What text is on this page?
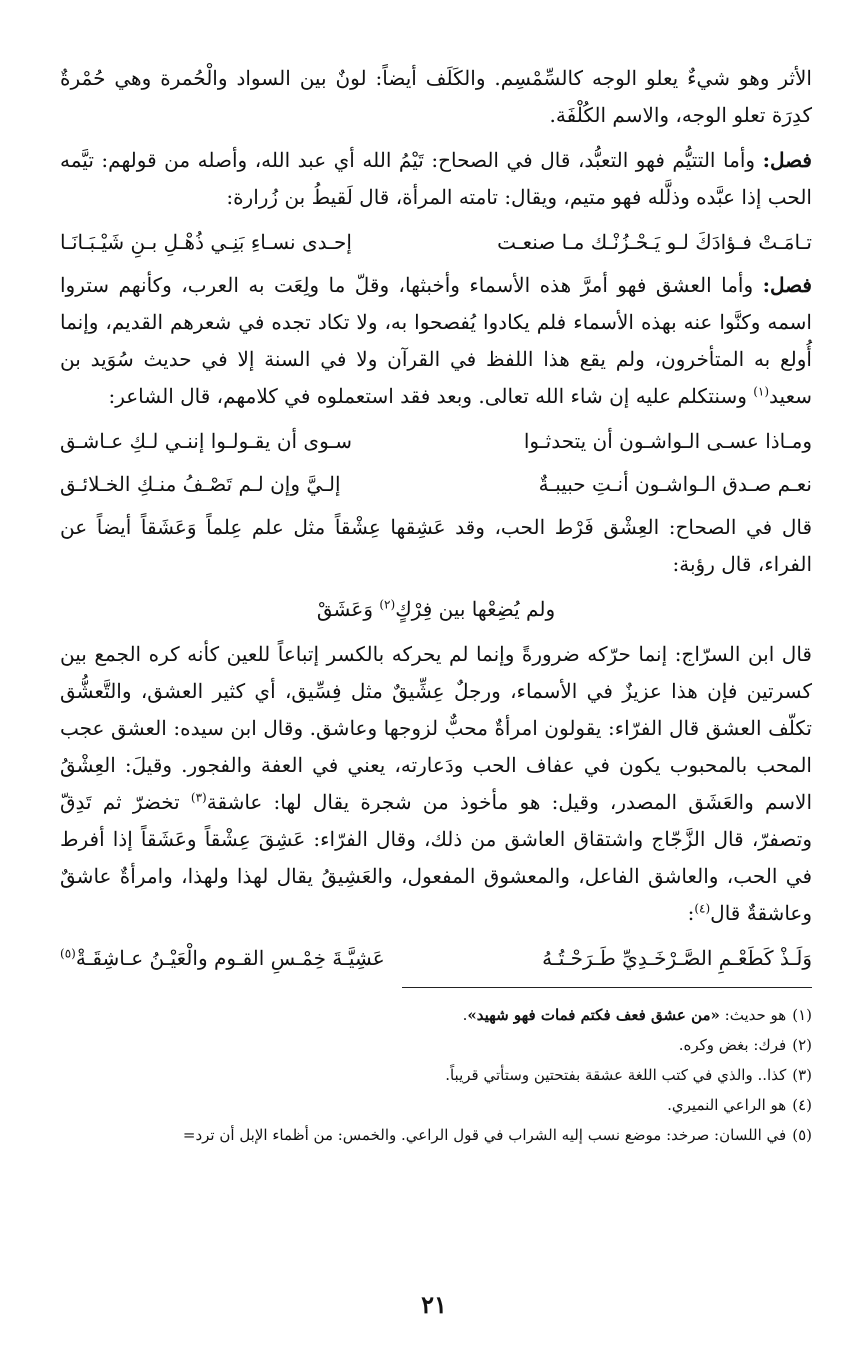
الأثر وهو شيءٌ يعلو الوجه كالسِّمْسِم. والكَلَف أيضاً: لونٌ بين السواد والْحُمرة وهي حُمْرةٌ كدِرَة تعلو الوجه، والاسم الكُلْفَة.

فصل: وأما التتيُّم فهو التعبُّد، قال في الصحاح: تَيْمُ الله أي عبد الله، وأصله من قولهم: تيَّمه الحب إذا عبَّده وذلَّله فهو متيم، ويقال: تامته المرأة، قال لَقيطُ بن زُرارة:

تـامَـتْ فـؤادَكَ لـو يَـحْـزُنْـك مـا صنعـت
إحـدى نسـاءِ بَنِـي ذُهْـلِ بـنِ شَيْـبَـانَـا

فصل: وأما العشق فهو أمرَّ هذه الأسماء وأخبثها، وقلّ ما ولِعَت به العرب، وكأنهم ستروا اسمه وكنَّوا عنه بهذه الأسماء فلم يكادوا يُفصحوا به، ولا تكاد تجده في شعرهم القديم، وإنما أُولع به المتأخرون، ولم يقع هذا اللفظ في القرآن ولا في السنة إلا في حديث سُوَيد بن سعيد$^{(١)}$ وسنتكلم عليه إن شاء الله تعالى. وبعد فقد استعملوه في كلامهم، قال الشاعر:

ومـاذا عسـى الـواشـون أن يتحدثـوا
سـوى أن يقـولـوا إننـي لـكِ عـاشـق
نعـم صـدق الـواشـون أنـتِ حبيبـةٌ
إلـيَّ وإن لـم تَصْـفُ منـكِ الخـلائـق

قال في الصحاح: العِشْق فَرْط الحب، وقد عَشِقها عِشْقاً مثل علم عِلماً وَعَشَقاً أيضاً عن الفراء، قال رؤبة:

ولم يُضِعْها بين فِرْكٍ$^{(٢)}$ وَعَشَقْ

قال ابن السرّاج: إنما حرّكه ضرورةً وإنما لم يحركه بالكسر إتباعاً للعين كأنه كره الجمع بين كسرتين فإن هذا عزيزٌ في الأسماء، ورجلٌ عِشِّيقٌ مثل فِسِّيق، أي كثير العشق، والتَّعشُّق تكلّف العشق قال الفرّاء: يقولون امرأةٌ محبٌّ لزوجها وعاشق. وقال ابن سيده: العشق عجب المحب بالمحبوب يكون في عفاف الحب ودَعارته، يعني في العفة والفجور. وقيلَ: العِشْقُ الاسم والعَشَق المصدر، وقيل: هو مأخوذ من شجرة يقال لها: عاشقة$^{(٣)}$ تخضرّ ثم تَدِقّ وتصفرّ، قال الزَّجّاج واشتقاق العاشق من ذلك، وقال الفرّاء: عَشِقَ عِشْقاً وعَشَقاً إذا أفرط في الحب، والعاشق الفاعل، والمعشوق المفعول، والعَشِيقُ يقال لهذا ولهذا، وامرأةٌ عاشقٌ وعاشقةٌ قال$^{(٤)}$:

وَلَـذْ كَطَعْـمِ الصَّـرْخَـدِيِّ طَـرَحْـتُـهُ
عَشِيَّـةَ خِمْـسِ القـوم والْعَيْـنُ عـاشِقَـةْ$^{(٥)}$
(١)هو حديث: «من عشق فعف فكتم فمات فهو شهيد».
(٢)فرك: بغض وكره.
(٣)كذا.. والذي في كتب اللغة عشقة بفتحتين وستأتي قريباً.
(٤)هو الراعي النميري.
(٥)في اللسان: صرخد: موضع نسب إليه الشراب في قول الراعي. والخمس: من أظماء الإبل أن ترد=
٢١
